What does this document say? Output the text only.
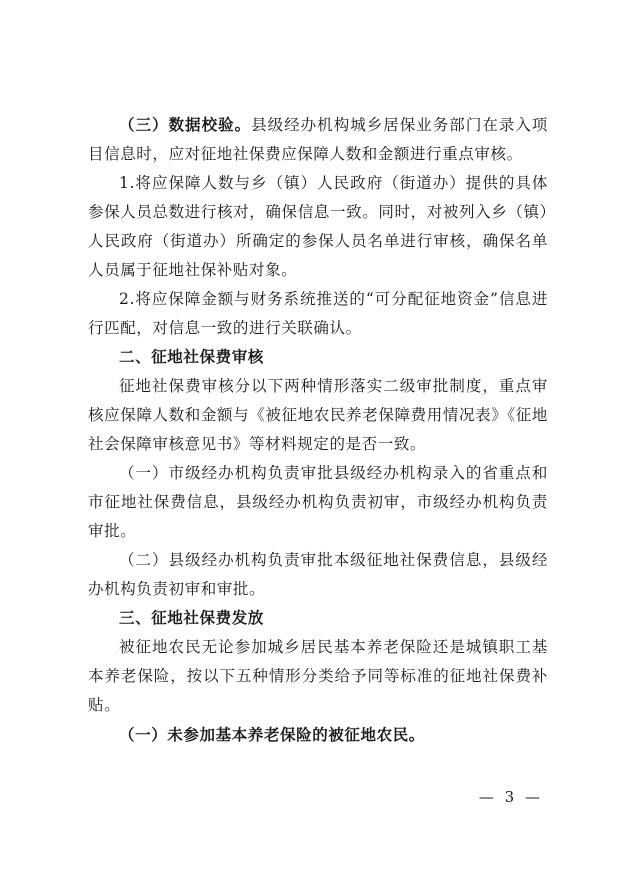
（三）数据校验。县级经办机构城乡居保业务部门在录入项目信息时，应对征地社保费应保障人数和金额进行重点审核。

1.将应保障人数与乡（镇）人民政府（街道办）提供的具体参保人员总数进行核对，确保信息一致。同时，对被列入乡（镇）人民政府（街道办）所确定的参保人员名单进行审核，确保名单人员属于征地社保补贴对象。

2.将应保障金额与财务系统推送的“可分配征地资金”信息进行匹配，对信息一致的进行关联确认。

二、征地社保费审核

征地社保费审核分以下两种情形落实二级审批制度，重点审核应保障人数和金额与《被征地农民养老保障费用情况表》《征地社会保障审核意见书》等材料规定的是否一致。

（一）市级经办机构负责审批县级经办机构录入的省重点和市征地社保费信息，县级经办机构负责初审，市级经办机构负责审批。

（二）县级经办机构负责审批本级征地社保费信息，县级经办机构负责初审和审批。

三、征地社保费发放

被征地农民无论参加城乡居民基本养老保险还是城镇职工基本养老保险，按以下五种情形分类给予同等标准的征地社保费补贴。

（一）未参加基本养老保险的被征地农民。

— 3 —
